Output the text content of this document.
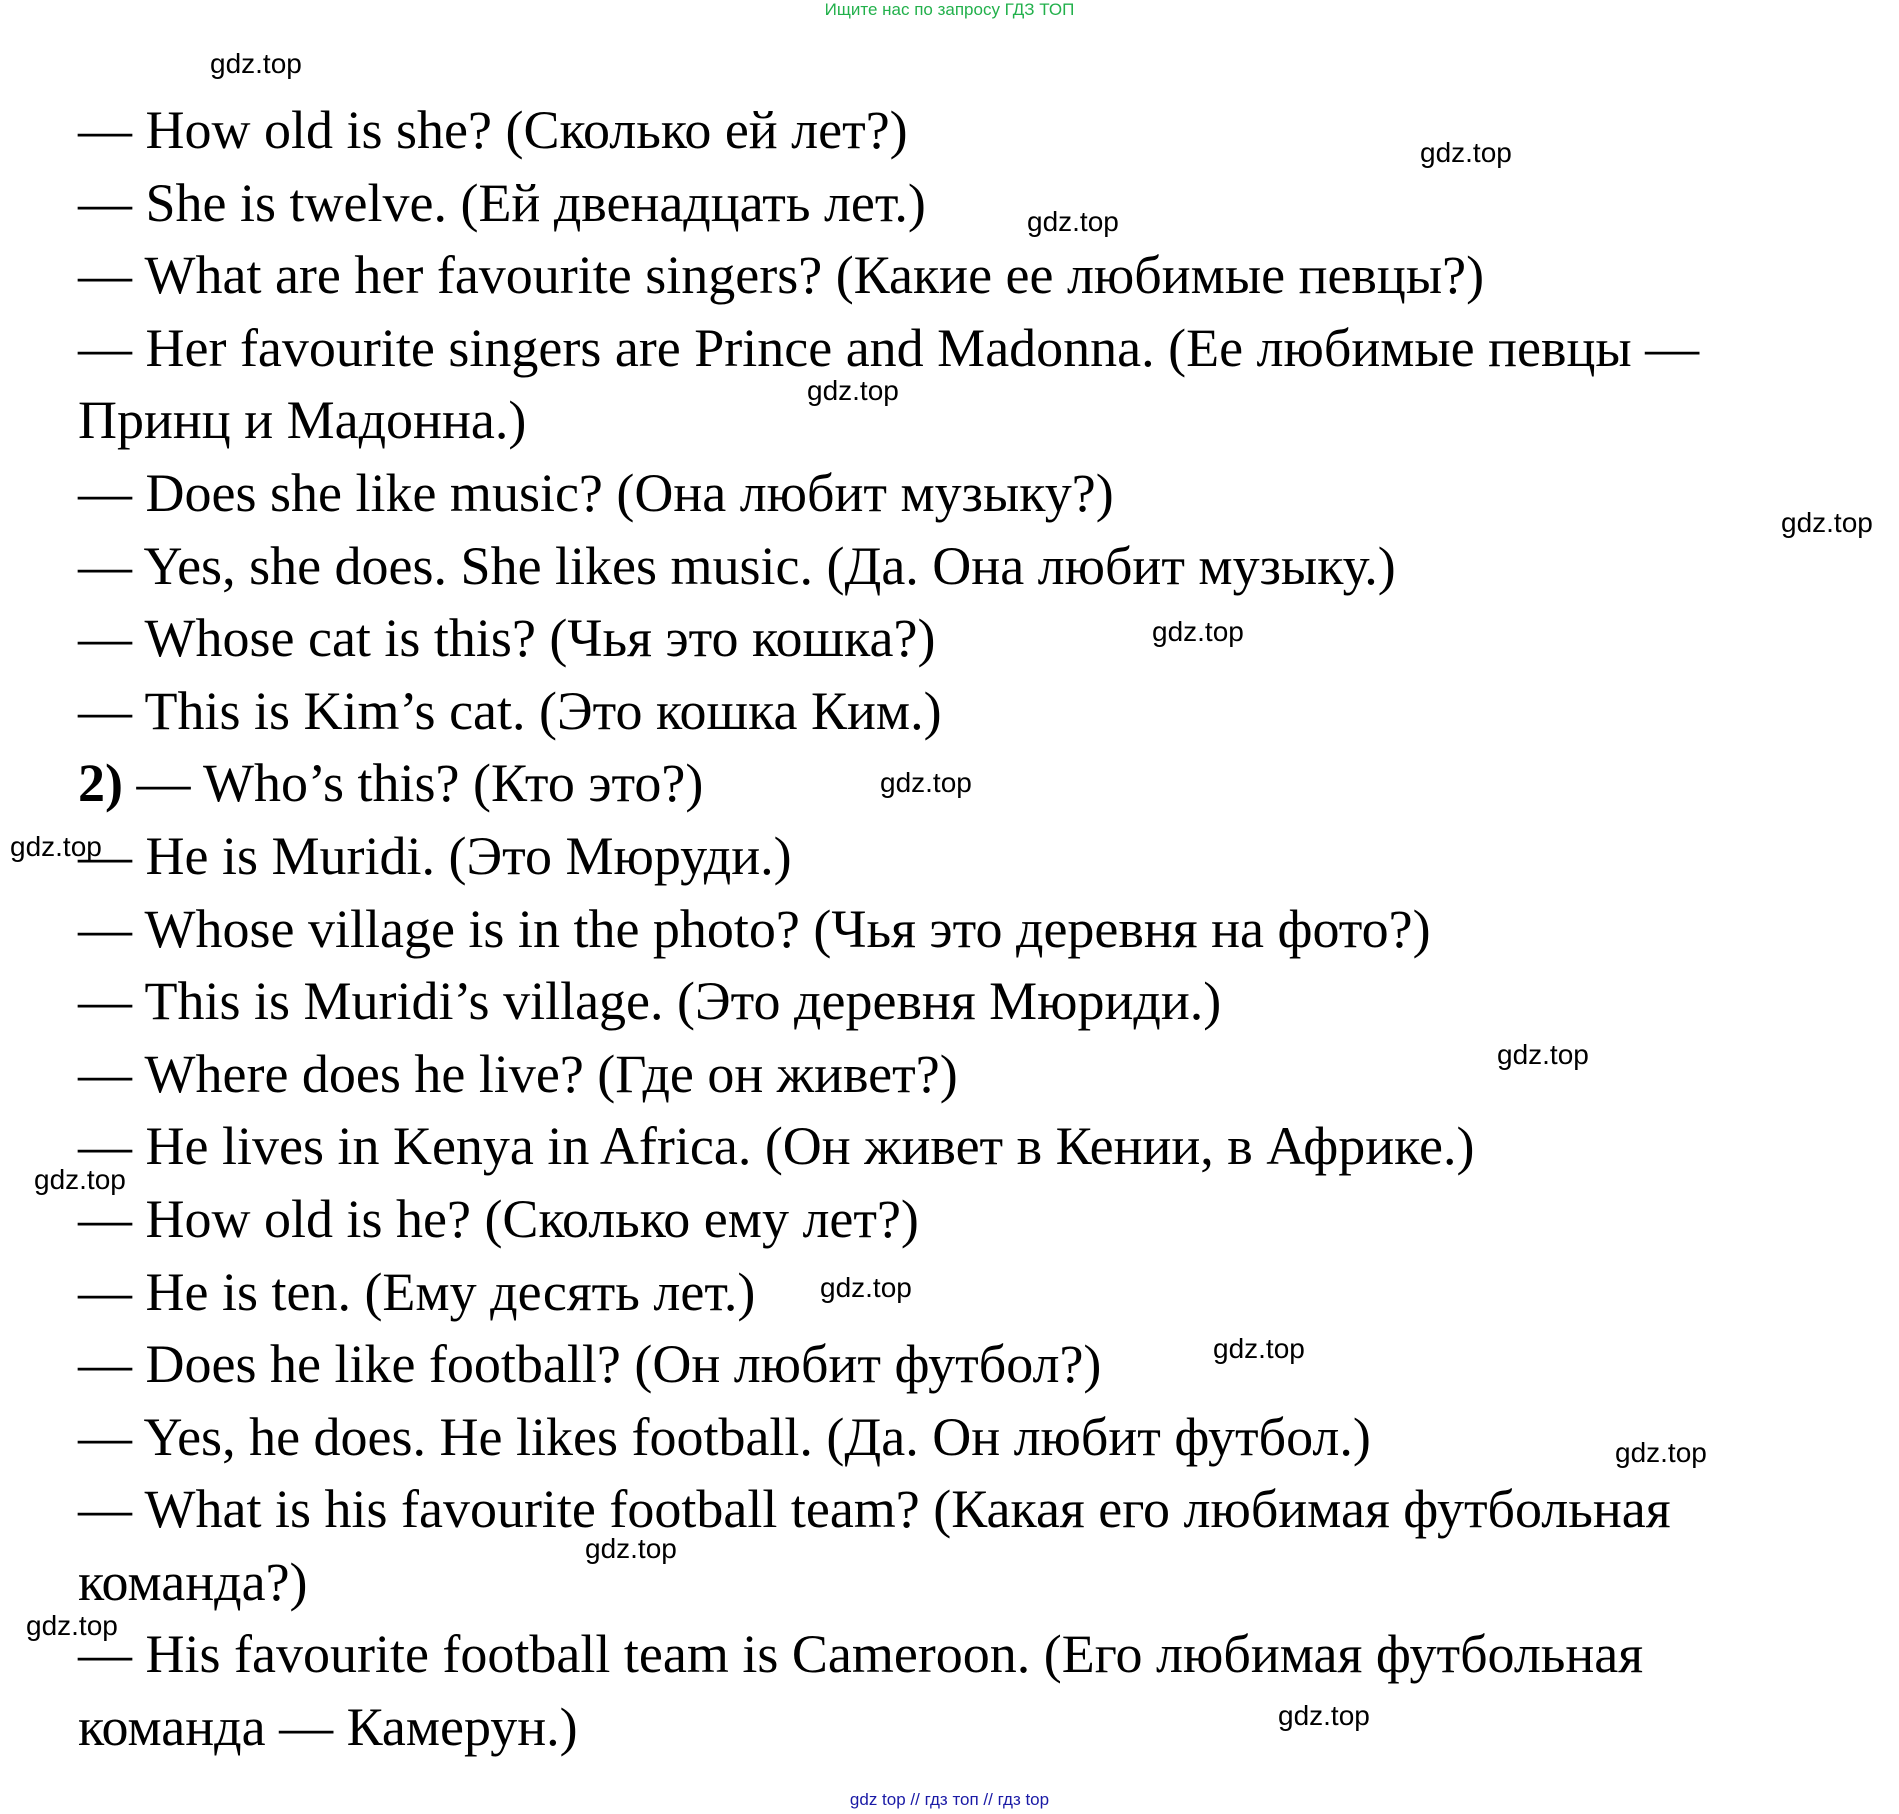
Ищите нас по запросу ГДЗ ТОП
— How old is she? (Сколько ей лет?)
— She is twelve. (Ей двенадцать лет.)
— What are her favourite singers? (Какие ее любимые певцы?)
— Her favourite singers are Prince and Madonna. (Ее любимые певцы —
Принц и Мадонна.)
— Does she like music? (Она любит музыку?)
— Yes, she does. She likes music. (Да. Она любит музыку.)
— Whose cat is this? (Чья это кошка?)
— This is Kim’s cat. (Это кошка Ким.)
2) — Who’s this? (Кто это?)
— He is Muridi. (Это Мюруди.)
— Whose village is in the photo? (Чья это деревня на фото?)
— This is Muridi’s village. (Это деревня Мюриди.)
— Where does he live? (Где он живет?)
— He lives in Kenya in Africa. (Он живет в Кении, в Африке.)
— How old is he? (Сколько ему лет?)
— He is ten. (Ему десять лет.)
— Does he like football? (Он любит футбол?)
— Yes, he does. He likes football. (Да. Он любит футбол.)
— What is his favourite football team? (Какая его любимая футбольная
команда?)
— His favourite football team is Cameroon. (Его любимая футбольная
команда — Камерун.)
gdz.top
gdz.top
gdz.top
gdz.top
gdz.top
gdz.top
gdz.top
gdz.top
gdz.top
gdz.top
gdz.top
gdz.top
gdz.top
gdz.top
gdz.top
gdz.top
gdz top // гдз топ // гдз top
